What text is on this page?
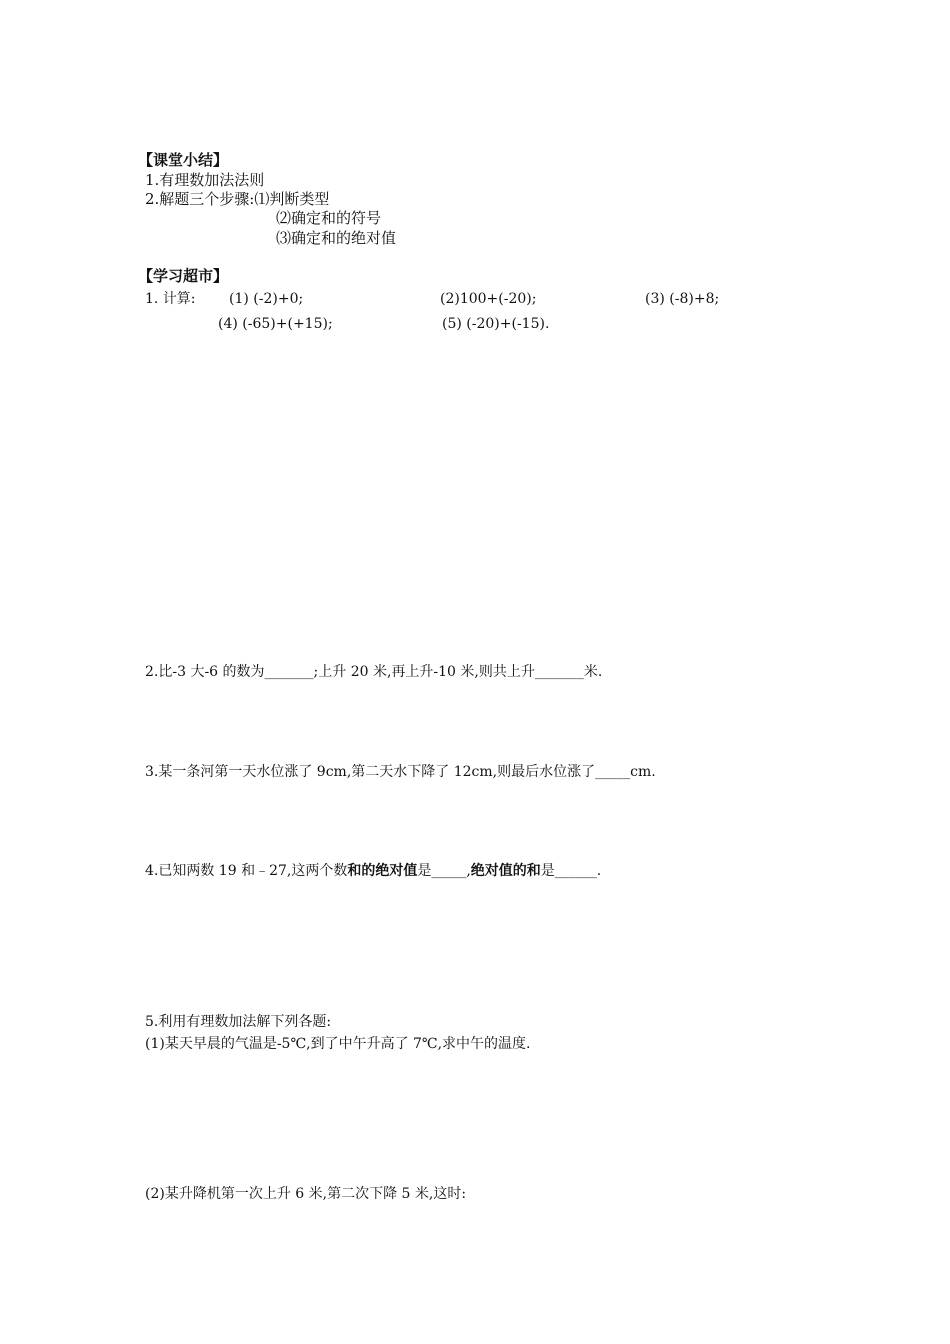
【课堂小结】
1.有理数加法法则
2.解题三个步骤:⑴判断类型
⑵确定和的符号
⑶确定和的绝对值
【学习超市】
1. 计算: (1) (-2)+0;	(2)100+(-20);	(3) (-8)+8;
(4) (-65)+(+15);	(5) (-20)+(-15).
2.比-3 大-6 的数为_______;上升 20 米,再上升-10 米,则共上升_______米.
3.某一条河第一天水位涨了 9cm,第二天水下降了 12cm,则最后水位涨了_____cm.
4.已知两数 19 和﹣27,这两个数和的绝对值是_____,绝对值的和是______.
5.利用有理数加法解下列各题:
(1)某天早晨的气温是-5℃,到了中午升高了 7℃,求中午的温度.
(2)某升降机第一次上升 6 米,第二次下降 5 米,这时:
